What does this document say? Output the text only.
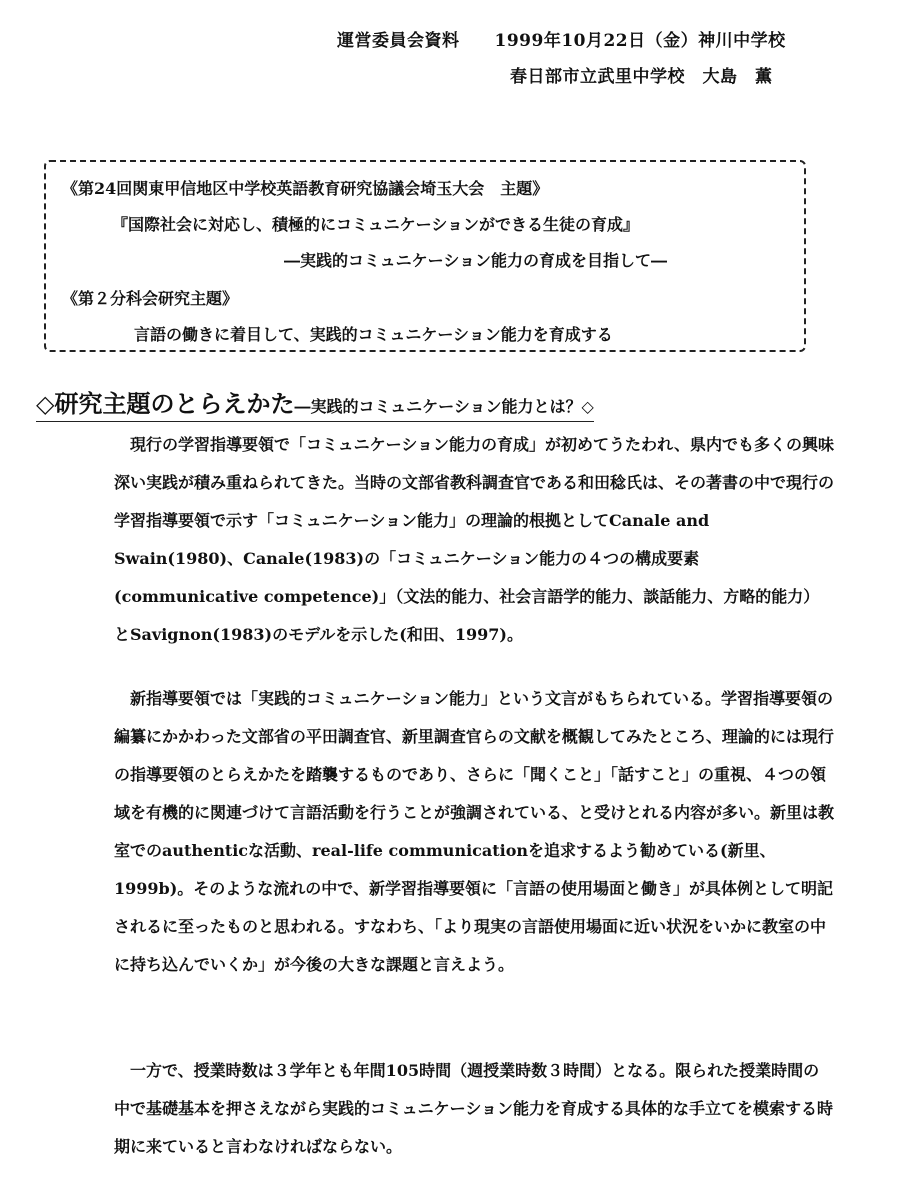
運営委員会資料　　1999年10月22日（金）神川中学校
春日部市立武里中学校　大島　薫
《第24回関東甲信地区中学校英語教育研究協議会埼玉大会　主題》
『国際社会に対応し、積極的にコミュニケーションができる生徒の育成』
―実践的コミュニケーション能力の育成を目指して―
《第２分科会研究主題》
言語の働きに着目して、実践的コミュニケーション能力を育成する
◇研究主題のとらえかた―実践的コミュニケーション能力とは？◇

現行の学習指導要領で「コミュニケーション能力の育成」が初めてうたわれ、県内でも多くの興味深い実践が積み重ねられてきた。当時の文部省教科調査官である和田稔氏は、その著書の中で現行の学習指導要領で示す「コミュニケーション能力」の理論的根拠としてCanale and Swain(1980)、Canale(1983)の「コミュニケーション能力の４つの構成要素(communicative competence)」（文法的能力、社会言語学的能力、談話能力、方略的能力）とSavignon(1983)のモデルを示した(和田、1997)。

新指導要領では「実践的コミュニケーション能力」という文言がもちられている。学習指導要領の編纂にかかわった文部省の平田調査官、新里調査官らの文献を概観してみたところ、理論的には現行の指導要領のとらえかたを踏襲するものであり、さらに「聞くこと」「話すこと」の重視、４つの領域を有機的に関連づけて言語活動を行うことが強調されている、と受けとれる内容が多い。新里は教室でのauthenticな活動、real-life communicationを追求するよう勧めている(新里、1999b)。そのような流れの中で、新学習指導要領に「言語の使用場面と働き」が具体例として明記されるに至ったものと思われる。すなわち、「より現実の言語使用場面に近い状況をいかに教室の中に持ち込んでいくか」が今後の大きな課題と言えよう。

一方で、授業時数は３学年とも年間105時間（週授業時数３時間）となる。限られた授業時間の中で基礎基本を押さえながら実践的コミュニケーション能力を育成する具体的な手立てを模索する時期に来ていると言わなければならない。
